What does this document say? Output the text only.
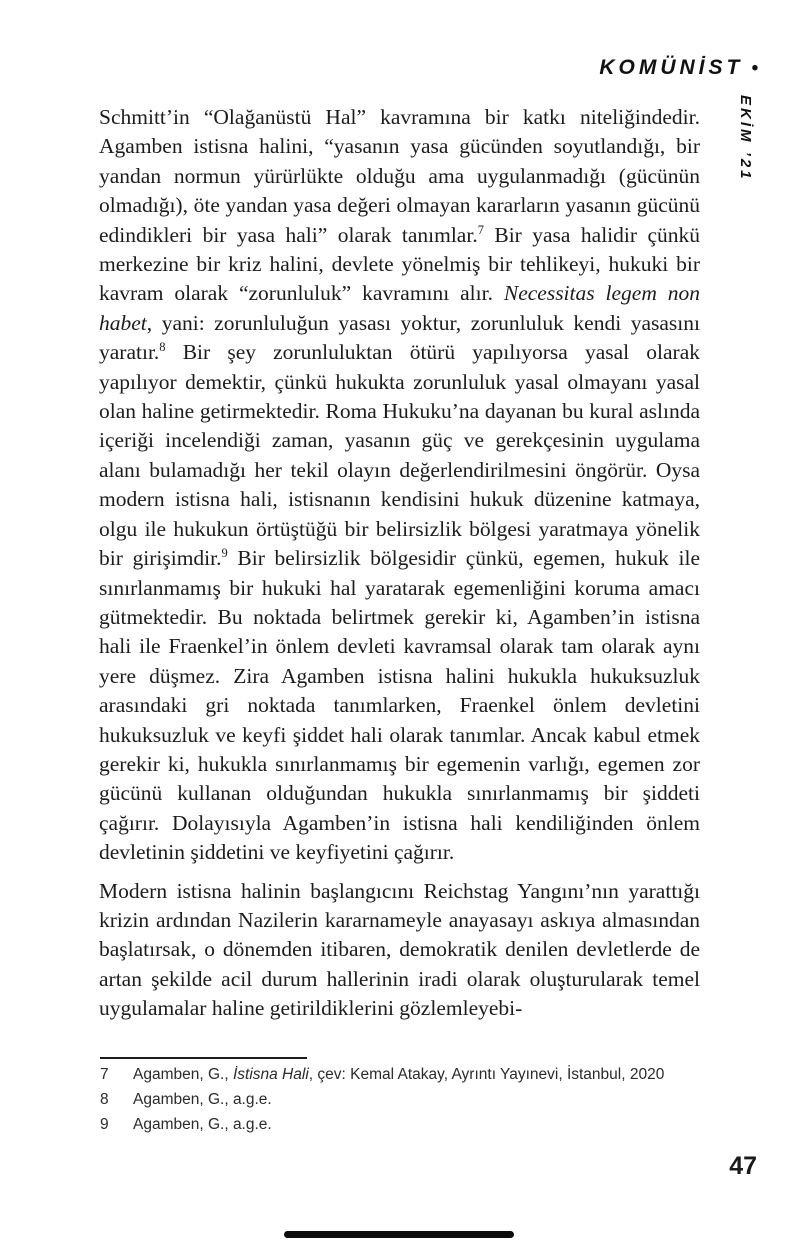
KOMÜNİST •
EKİM ’21

Schmitt’in “Olağanüstü Hal” kavramına bir katkı niteliğindedir. Agamben istisna halini, “yasanın yasa gücünden soyutlandığı, bir yandan normun yürürlükte olduğu ama uygulanmadığı (gücünün olmadığı), öte yandan yasa değeri olmayan kararların yasanın gücünü edindikleri bir yasa hali” olarak tanımlar.$^7$ Bir yasa halidir çünkü merkezine bir kriz halini, devlete yönelmiş bir tehlikeyi, hukuki bir kavram olarak “zorunluluk” kavramını alır. Necessitas legem non habet, yani: zorunluluğun yasası yoktur, zorunluluk kendi yasasını yaratır.$^8$ Bir şey zorunluluktan ötürü yapılıyorsa yasal olarak yapılıyor demektir, çünkü hukukta zorunluluk yasal olmayanı yasal olan haline getirmektedir. Roma Hukuku’na dayanan bu kural aslında içeriği incelendiği zaman, yasanın güç ve gerekçesinin uygulama alanı bulamadığı her tekil olayın değerlendirilmesini öngörür. Oysa modern istisna hali, istisnanın kendisini hukuk düzenine katmaya, olgu ile hukukun örtüştüğü bir belirsizlik bölgesi yaratmaya yönelik bir girişimdir.$^9$ Bir belirsizlik bölgesidir çünkü, egemen, hukuk ile sınırlanmamış bir hukuki hal yaratarak egemenliğini koruma amacı gütmektedir. Bu noktada belirtmek gerekir ki, Agamben’in istisna hali ile Fraenkel’in önlem devleti kavramsal olarak tam olarak aynı yere düşmez. Zira Agamben istisna halini hukukla hukuksuzluk arasındaki gri noktada tanımlarken, Fraenkel önlem devletini hukuksuzluk ve keyfi şiddet hali olarak tanımlar. Ancak kabul etmek gerekir ki, hukukla sınırlanmamış bir egemenin varlığı, egemen zor gücünü kullanan olduğundan hukukla sınırlanmamış bir şiddeti çağırır. Dolayısıyla Agamben’in istisna hali kendiliğinden önlem devletinin şiddetini ve keyfiyetini çağırır.

Modern istisna halinin başlangıcını Reichstag Yangını’nın yarattığı krizin ardından Nazilerin kararnameyle anayasayı askıya almasından başlatırsak, o dönemden itibaren, demokratik denilen devletlerde de artan şekilde acil durum hallerinin iradi olarak oluşturularak temel uygulamalar haline getirildiklerini gözlemleyebi-

7	Agamben, G., İstisna Hali, çev: Kemal Atakay, Ayrıntı Yayınevi, İstanbul, 2020
8	Agamben, G., a.g.e.
9	Agamben, G., a.g.e.
47
